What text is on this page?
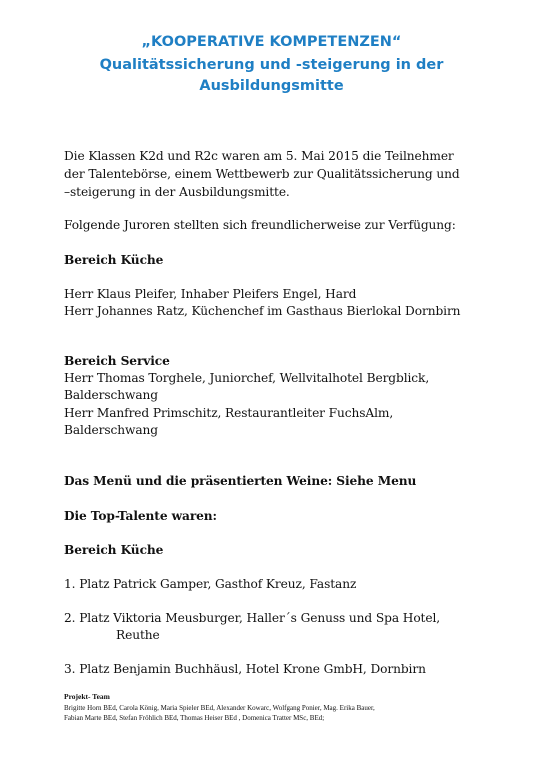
„KOOPERATIVE KOMPETENZEN“
Qualitätssicherung und -steigerung in der
Ausbildungsmitte
Die Klassen K2d und R2c waren am 5. Mai 2015 die Teilnehmer
der Talentebörse, einem Wettbewerb zur Qualitätssicherung und
–steigerung in der Ausbildungsmitte.
Folgende Juroren stellten sich freundlicherweise zur Verfügung:
Bereich Küche
Herr Klaus Pleifer, Inhaber Pleifers Engel, Hard
Herr Johannes Ratz, Küchenchef im Gasthaus Bierlokal Dornbirn
Bereich Service
Herr Thomas Torghele, Juniorchef, Wellvitalhotel Bergblick,
Balderschwang
Herr Manfred Primschitz, Restaurantleiter FuchsAlm,
Balderschwang
Das Menü und die präsentierten Weine: Siehe Menu
Die Top-Talente waren:
Bereich Küche
1. Platz Patrick Gamper, Gasthof Kreuz, Fastanz
2. Platz Viktoria Meusburger, Haller´s Genuss und Spa Hotel,
Reuthe
3. Platz Benjamin Buchhäusl, Hotel Krone GmbH, Dornbirn
Projekt- Team
Brigitte Horn BEd, Carola König, Maria Spieler BEd, Alexander Kowarc, Wolfgang Ponier, Mag. Erika Bauer,
Fabian Marte BEd, Stefan Fröhlich BEd, Thomas Heiser BEd , Domenica Tratter MSc, BEd;
